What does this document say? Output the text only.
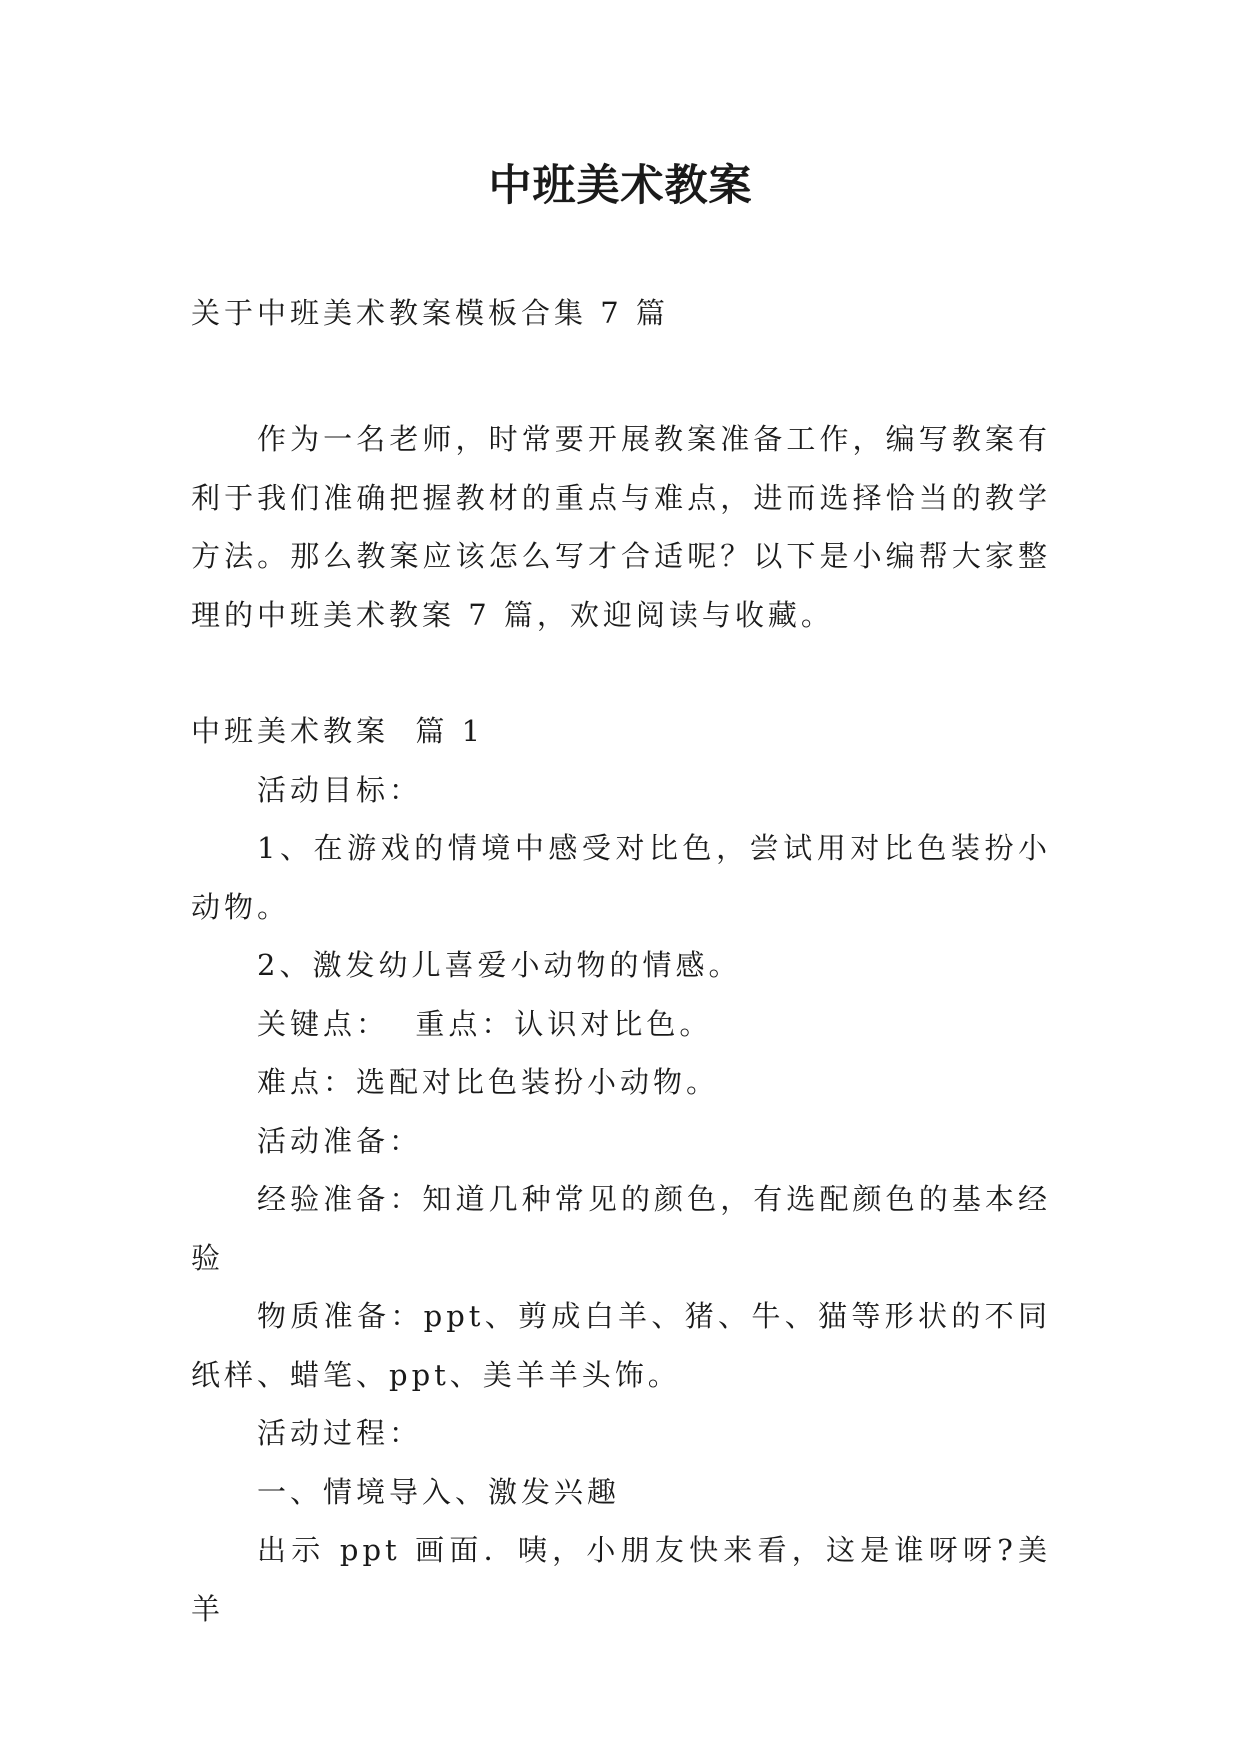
中班美术教案

关于中班美术教案模板合集 7 篇

作为一名老师，时常要开展教案准备工作，编写教案有利于我们准确把握教材的重点与难点，进而选择恰当的教学方法。那么教案应该怎么写才合适呢？以下是小编帮大家整理的中班美术教案 7 篇，欢迎阅读与收藏。

中班美术教案  篇 1

活动目标：

1、在游戏的情境中感受对比色，尝试用对比色装扮小动物。

2、激发幼儿喜爱小动物的情感。

关键点：  重点：认识对比色。

难点：选配对比色装扮小动物。

活动准备：

经验准备：知道几种常见的颜色，有选配颜色的基本经验

物质准备：ppt、剪成白羊、猪、牛、猫等形状的不同纸样、蜡笔、ppt、美羊羊头饰。

活动过程：

一、情境导入、激发兴趣

出示 ppt 画面．咦，小朋友快来看，这是谁呀呀?美羊
